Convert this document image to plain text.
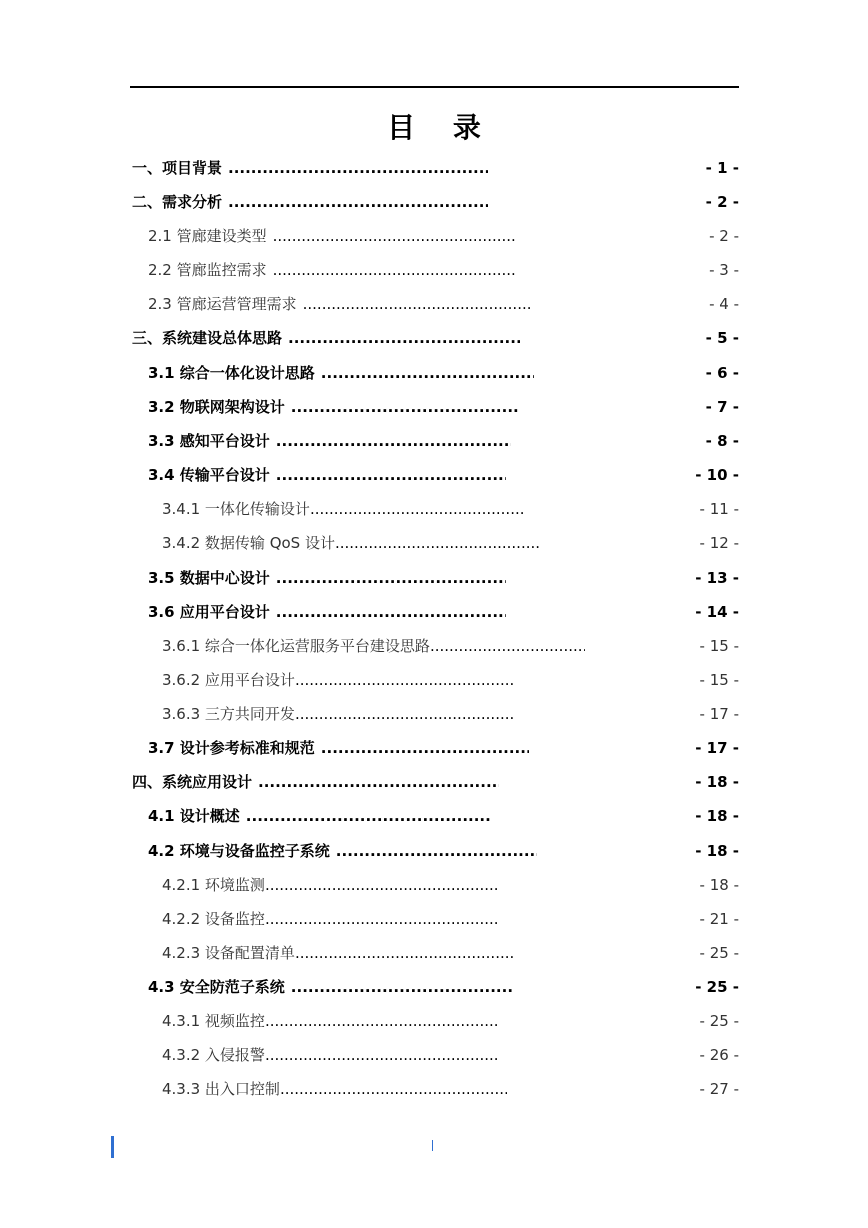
目 录
一、项目背景 .....	- 1 -
二、需求分析 .....	- 2 -
2.1 管廊建设类型 .....	- 2 -
2.2 管廊监控需求 .....	- 3 -
2.3 管廊运营管理需求 .....	- 4 -
三、系统建设总体思路 .....	- 5 -
3.1 综合一体化设计思路 .....	- 6 -
3.2 物联网架构设计 .....	- 7 -
3.3 感知平台设计 .....	- 8 -
3.4 传输平台设计 .....	- 10 -
3.4.1 一体化传输设计 .....	- 11 -
3.4.2 数据传输 QoS 设计 .....	- 12 -
3.5 数据中心设计 .....	- 13 -
3.6 应用平台设计 .....	- 14 -
3.6.1 综合一体化运营服务平台建设思路 .....	- 15 -
3.6.2 应用平台设计 .....	- 15 -
3.6.3 三方共同开发 .....	- 17 -
3.7 设计参考标准和规范 .....	- 17 -
四、系统应用设计 .....	- 18 -
4.1 设计概述 .....	- 18 -
4.2 环境与设备监控子系统 .....	- 18 -
4.2.1 环境监测 .....	- 18 -
4.2.2 设备监控 .....	- 21 -
4.2.3 设备配置清单 .....	- 25 -
4.3 安全防范子系统 .....	- 25 -
4.3.1 视频监控 .....	- 25 -
4.3.2 入侵报警 .....	- 26 -
4.3.3 出入口控制 .....	- 27 -
